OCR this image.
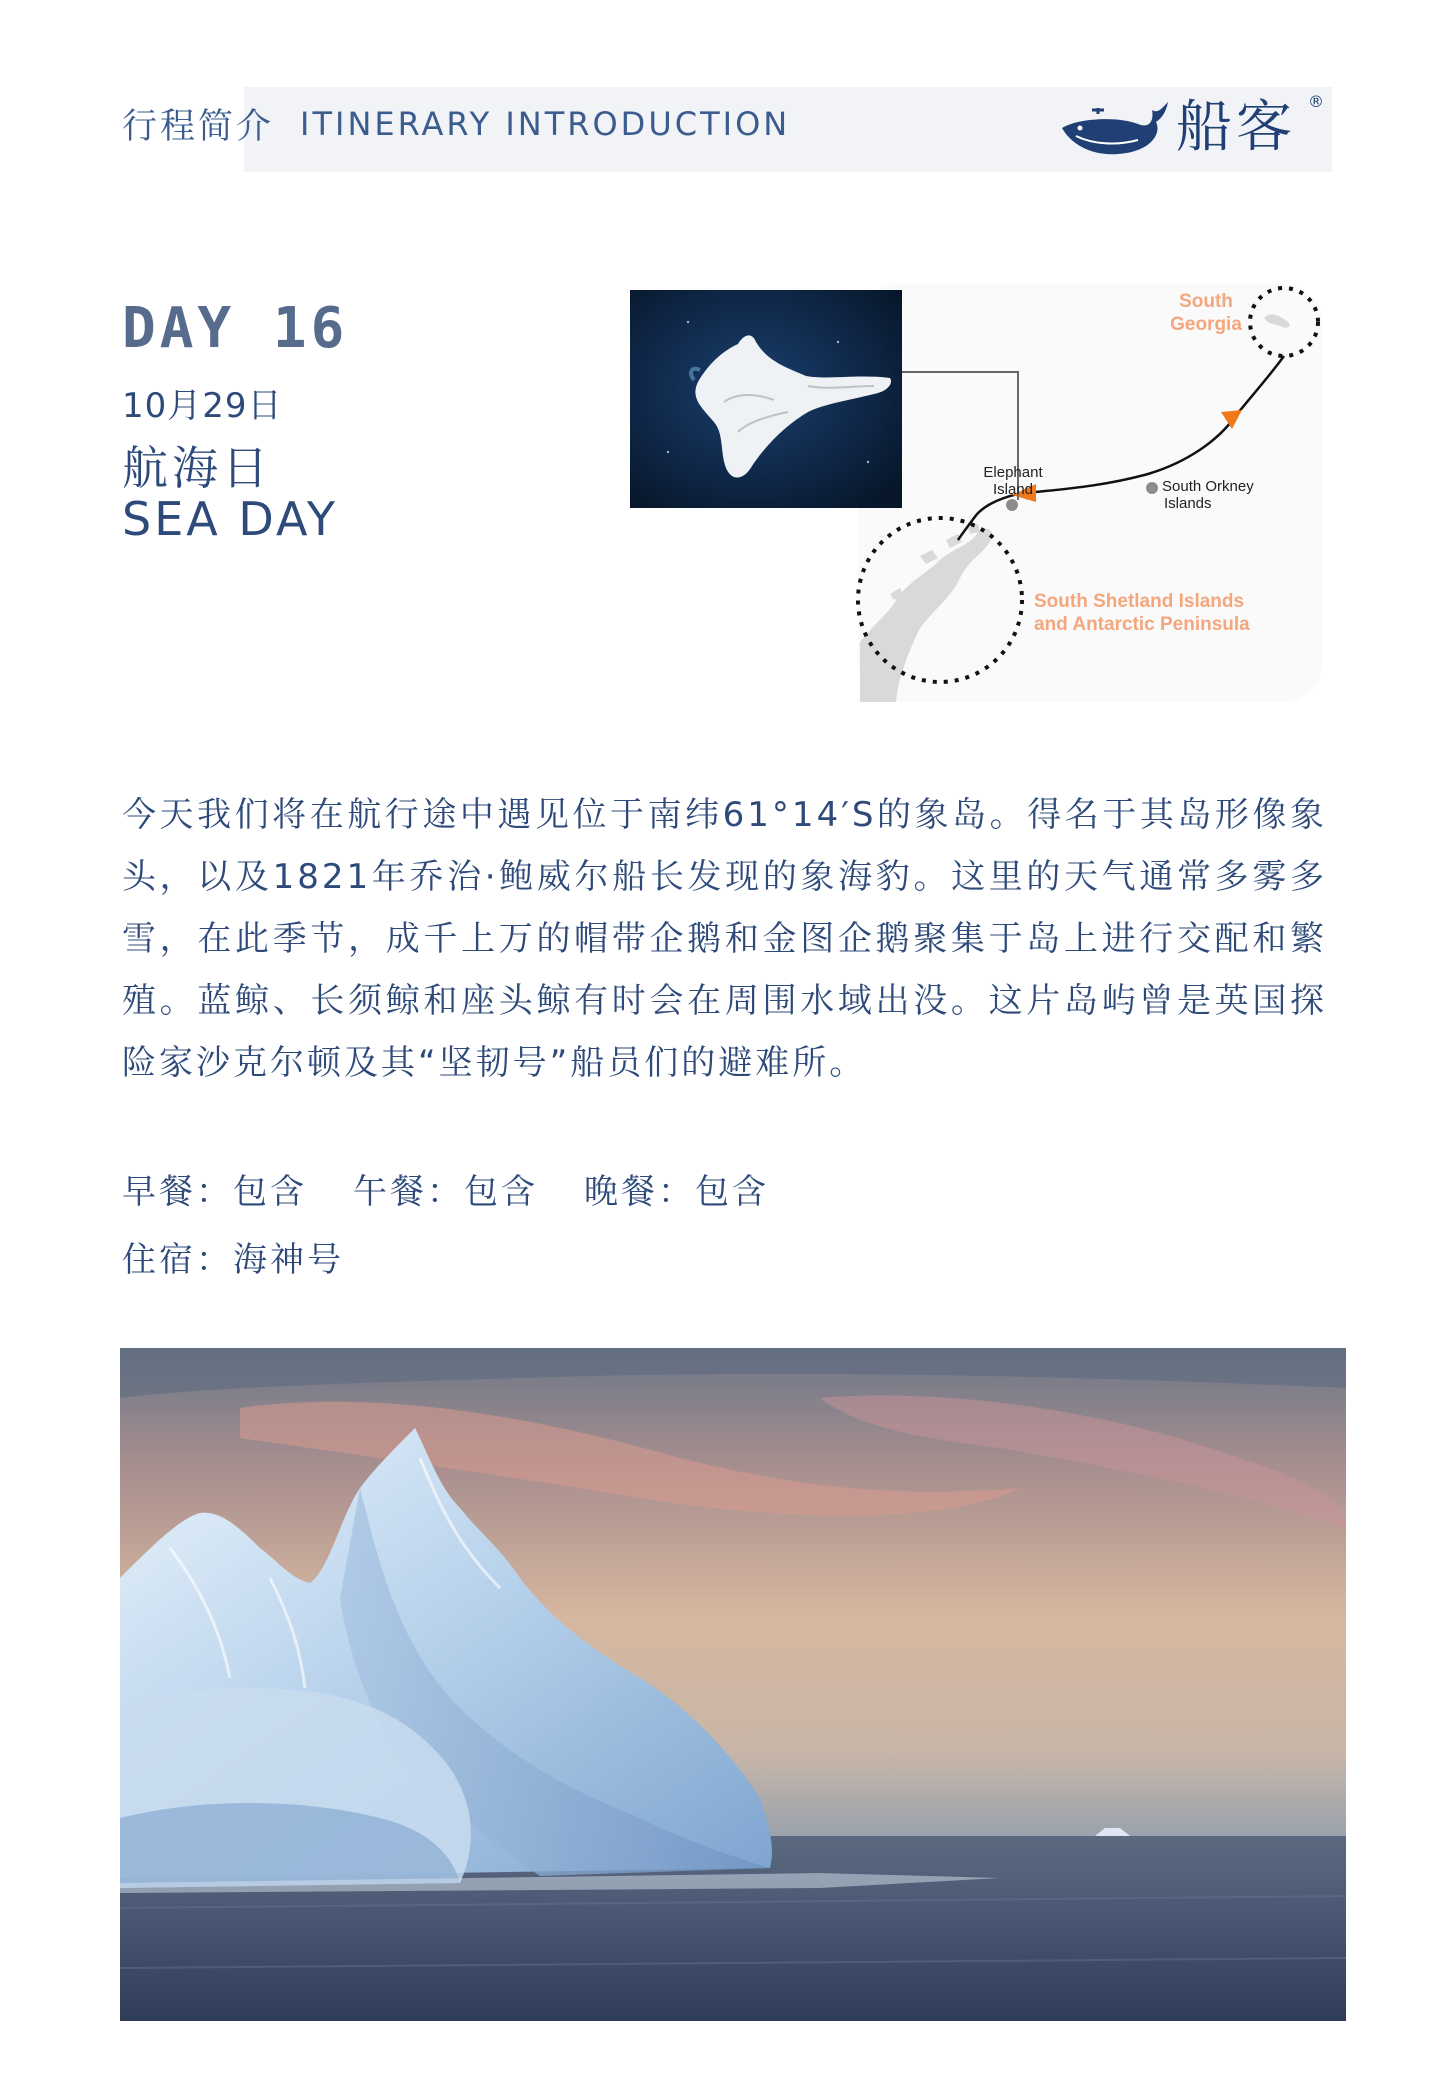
行程简介 ITINERARY INTRODUCTION	船客 ®
DAY 16
10月29日
航海日
SEA DAY
South
Georgia
Elephant
Island	South Orkney
Islands
South Shetland Islands
and Antarctic Peninsula
今天我们将在航行途中遇见位于南纬61°14′S的象岛。得名于其岛形像象头，以及1821年乔治·鲍威尔船长发现的象海豹。这里的天气通常多雾多雪，在此季节，成千上万的帽带企鹅和金图企鹅聚集于岛上进行交配和繁殖。蓝鲸、长须鲸和座头鲸有时会在周围水域出没。这片岛屿曾是英国探险家沙克尔顿及其“坚韧号”船员们的避难所。
早餐：包含 午餐：包含 晚餐：包含
住宿：海神号
